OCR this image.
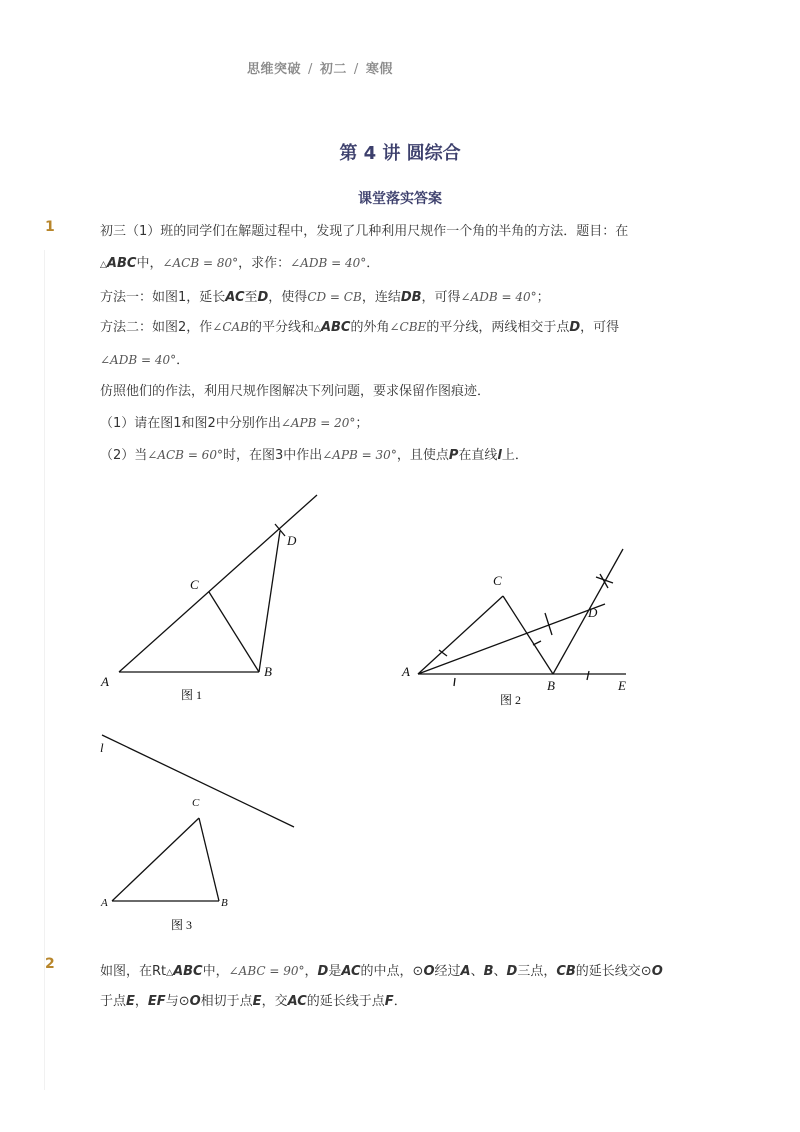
思维突破 / 初二 / 寒假
第 4 讲 圆综合
课堂落实答案
1	初三（1）班的同学们在解题过程中，发现了几种利用尺规作一个角的半角的方法．题目：在
△ABC中，∠ACB = 80°，求作：∠ADB = 40°．
方法一：如图1，延长AC至D，使得CD = CB，连结DB，可得∠ADB = 40°；
方法二：如图2，作∠CAB的平分线和△ABC的外角∠CBE的平分线，两线相交于点D，可得
∠ADB = 40°．
仿照他们的作法，利用尺规作图解决下列问题，要求保留作图痕迹．
（1）请在图1和图2中分别作出∠APB = 20°；
（2）当∠ACB = 60°时，在图3中作出∠APB = 30°，且使点P在直线l上．
A
B
C
D
A
B
C
D
E
l
A	B
C
图 1	图 2
图 3
2	如图，在Rt△ABC中，∠ABC = 90°，D是AC的中点，⊙O经过A、B、D三点，CB的延长线交⊙O
于点E，EF与⊙O相切于点E，交AC的延长线于点F．
